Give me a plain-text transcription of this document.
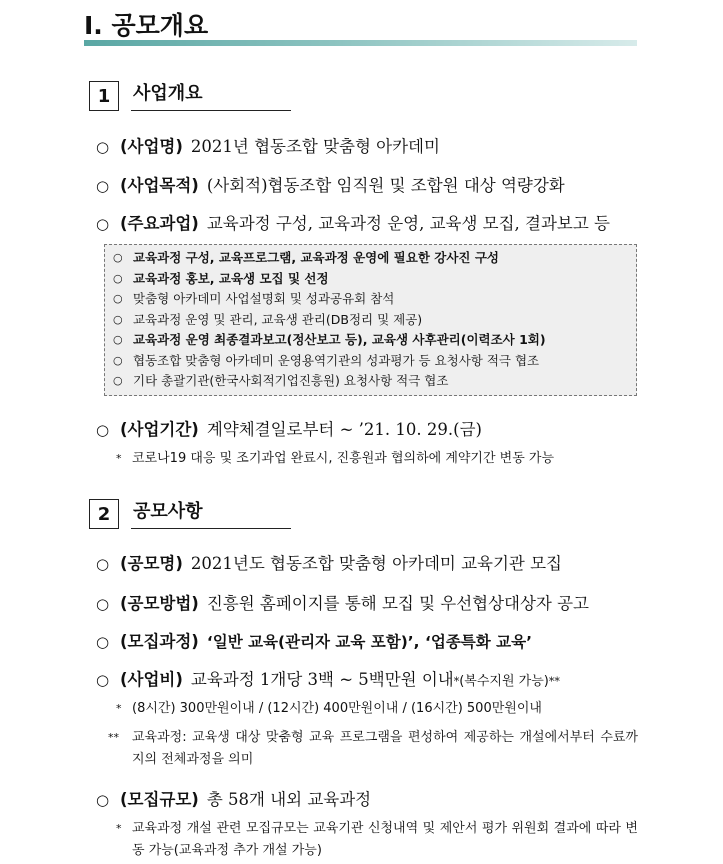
Ⅰ. 공모개요
1	사업개요
○ (사업명) 2021년 협동조합 맞춤형 아카데미
○ (사업목적) (사회적)협동조합 임직원 및 조합원 대상 역량강화
○ (주요과업) 교육과정 구성, 교육과정 운영, 교육생 모집, 결과보고 등
○ 교육과정 구성, 교육프로그램, 교육과정 운영에 필요한 강사진 구성
○ 교육과정 홍보, 교육생 모집 및 선정
○ 맞춤형 아카데미 사업설명회 및 성과공유회 참석
○ 교육과정 운영 및 관리, 교육생 관리(DB정리 및 제공)
○ 교육과정 운영 최종결과보고(정산보고 등), 교육생 사후관리(이력조사 1회)
○ 협동조합 맞춤형 아카데미 운영용역기관의 성과평가 등 요청사항 적극 협조
○ 기타 총괄기관(한국사회적기업진흥원) 요청사항 적극 협조
○ (사업기간) 계약체결일로부터 ~ ’21. 10. 29.(금)
* 코로나19 대응 및 조기과업 완료시, 진흥원과 협의하에 계약기간 변동 가능
2	공모사항
○ (공모명) 2021년도 협동조합 맞춤형 아카데미 교육기관 모집
○ (공모방법) 진흥원 홈페이지를 통해 모집 및 우선협상대상자 공고
○ (모집과정) ‘일반 교육(관리자 교육 포함)’, ‘업종특화 교육’
○ (사업비) 교육과정 1개당 3백 ~ 5백만원 이내 * (복수지원 가능) **
* (8시간) 300만원이내 / (12시간) 400만원이내 / (16시간) 500만원이내
**	교육과정: 교육생 대상 맞춤형 교육 프로그램을 편성하여 제공하는 개설에서부터 수료까지의 전체과정을 의미
○ (모집규모) 총 58개 내외 교육과정
* 교육과정 개설 관련 모집규모는 교육기관 신청내역 및 제안서 평가 위원회 결과에 따라 변동 가능(교육과정 추가 개설 가능)
